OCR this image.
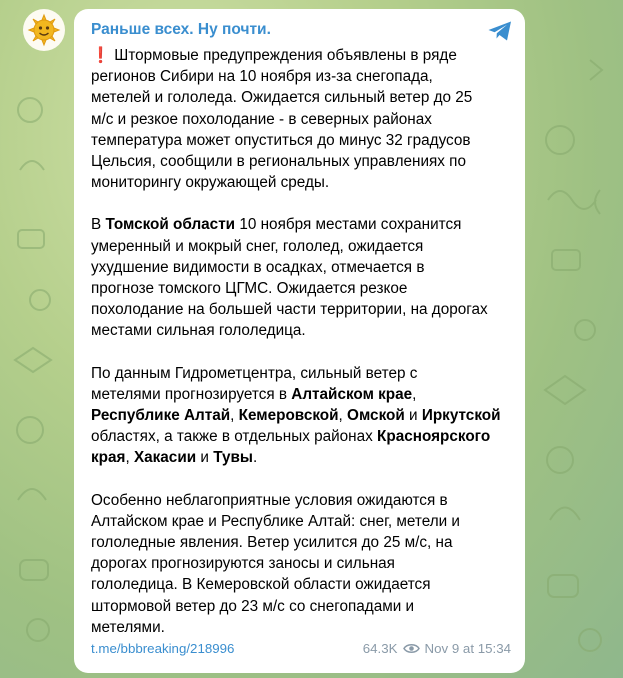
Раньше всех. Ну почти.

❗ Штормовые предупреждения объявлены в ряде
регионов Сибири на 10 ноября из-за снегопада,
метелей и гололеда. Ожидается сильный ветер до 25
м/с и резкое похолодание - в северных районах
температура может опуститься до минус 32 градусов
Цельсия, сообщили в региональных управлениях по
мониторингу окружающей среды.

В Томской области 10 ноября местами сохранится
умеренный и мокрый снег, гололед, ожидается
ухудшение видимости в осадках, отмечается в
прогнозе томского ЦГМС. Ожидается резкое
похолодание на большей части территории, на дорогах
местами сильная гололедица.

По данным Гидрометцентра, сильный ветер с
метелями прогнозируется в Алтайском крае,
Республике Алтай, Кемеровской, Омской и Иркутской
областях, а также в отдельных районах Красноярского
края, Хакасии и Тувы.

Особенно неблагоприятные условия ожидаются в
Алтайском крае и Республике Алтай: снег, метели и
гололедные явления. Ветер усилится до 25 м/с, на
дорогах прогнозируются заносы и сильная
гололедица. В Кемеровской области ожидается
штормовой ветер до 23 м/с со снегопадами и
метелями.

t.me/bbbreaking/218996	64.3K Nov 9 at 15:34
